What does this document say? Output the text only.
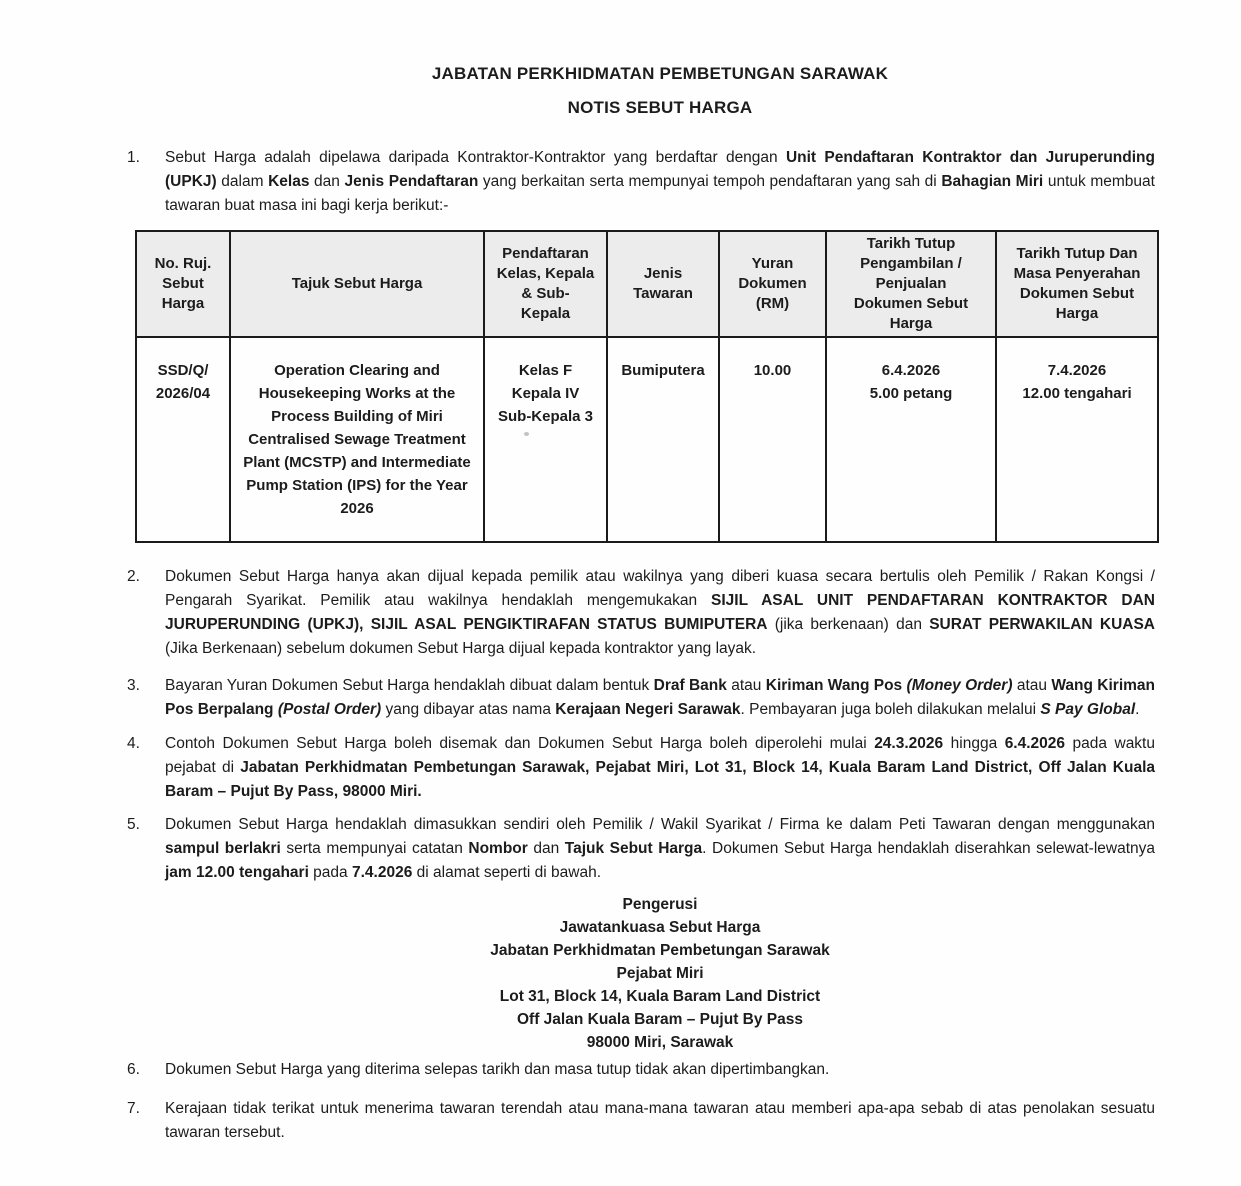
JABATAN PERKHIDMATAN PEMBETUNGAN SARAWAK
NOTIS SEBUT HARGA
1. Sebut Harga adalah dipelawa daripada Kontraktor-Kontraktor yang berdaftar dengan Unit Pendaftaran Kontraktor dan Juruperunding (UPKJ) dalam Kelas dan Jenis Pendaftaran yang berkaitan serta mempunyai tempoh pendaftaran yang sah di Bahagian Miri untuk membuat tawaran buat masa ini bagi kerja berikut:-
No. Ruj.
Sebut
Harga	Tajuk Sebut Harga	Pendaftaran
Kelas, Kepala
& Sub-
Kepala	Jenis
Tawaran	Yuran
Dokumen
(RM)	Tarikh Tutup
Pengambilan /
Penjualan
Dokumen Sebut
Harga	Tarikh Tutup Dan
Masa Penyerahan
Dokumen Sebut
Harga
SSD/Q/
2026/04	Operation Clearing and Housekeeping Works at the Process Building of Miri Centralised Sewage Treatment Plant (MCSTP) and Intermediate Pump Station (IPS) for the Year 2026	Kelas F
Kepala IV
Sub-Kepala 3	Bumiputera	10.00	6.4.2026
5.00 petang	7.4.2026
12.00 tengahari
2. Dokumen Sebut Harga hanya akan dijual kepada pemilik atau wakilnya yang diberi kuasa secara bertulis oleh Pemilik / Rakan Kongsi / Pengarah Syarikat. Pemilik atau wakilnya hendaklah mengemukakan SIJIL ASAL UNIT PENDAFTARAN KONTRAKTOR DAN JURUPERUNDING (UPKJ), SIJIL ASAL PENGIKTIRAFAN STATUS BUMIPUTERA (jika berkenaan) dan SURAT PERWAKILAN KUASA (Jika Berkenaan) sebelum dokumen Sebut Harga dijual kepada kontraktor yang layak.
3. Bayaran Yuran Dokumen Sebut Harga hendaklah dibuat dalam bentuk Draf Bank atau Kiriman Wang Pos (Money Order) atau Wang Kiriman Pos Berpalang (Postal Order) yang dibayar atas nama Kerajaan Negeri Sarawak. Pembayaran juga boleh dilakukan melalui S Pay Global.
4. Contoh Dokumen Sebut Harga boleh disemak dan Dokumen Sebut Harga boleh diperolehi mulai 24.3.2026 hingga 6.4.2026 pada waktu pejabat di Jabatan Perkhidmatan Pembetungan Sarawak, Pejabat Miri, Lot 31, Block 14, Kuala Baram Land District, Off Jalan Kuala Baram – Pujut By Pass, 98000 Miri.
5. Dokumen Sebut Harga hendaklah dimasukkan sendiri oleh Pemilik / Wakil Syarikat / Firma ke dalam Peti Tawaran dengan menggunakan sampul berlakri serta mempunyai catatan Nombor dan Tajuk Sebut Harga. Dokumen Sebut Harga hendaklah diserahkan selewat-lewatnya jam 12.00 tengahari pada 7.4.2026 di alamat seperti di bawah.
Pengerusi
Jawatankuasa Sebut Harga
Jabatan Perkhidmatan Pembetungan Sarawak
Pejabat Miri
Lot 31, Block 14, Kuala Baram Land District
Off Jalan Kuala Baram – Pujut By Pass
98000 Miri, Sarawak
6. Dokumen Sebut Harga yang diterima selepas tarikh dan masa tutup tidak akan dipertimbangkan.
7. Kerajaan tidak terikat untuk menerima tawaran terendah atau mana-mana tawaran atau memberi apa-apa sebab di atas penolakan sesuatu tawaran tersebut.
